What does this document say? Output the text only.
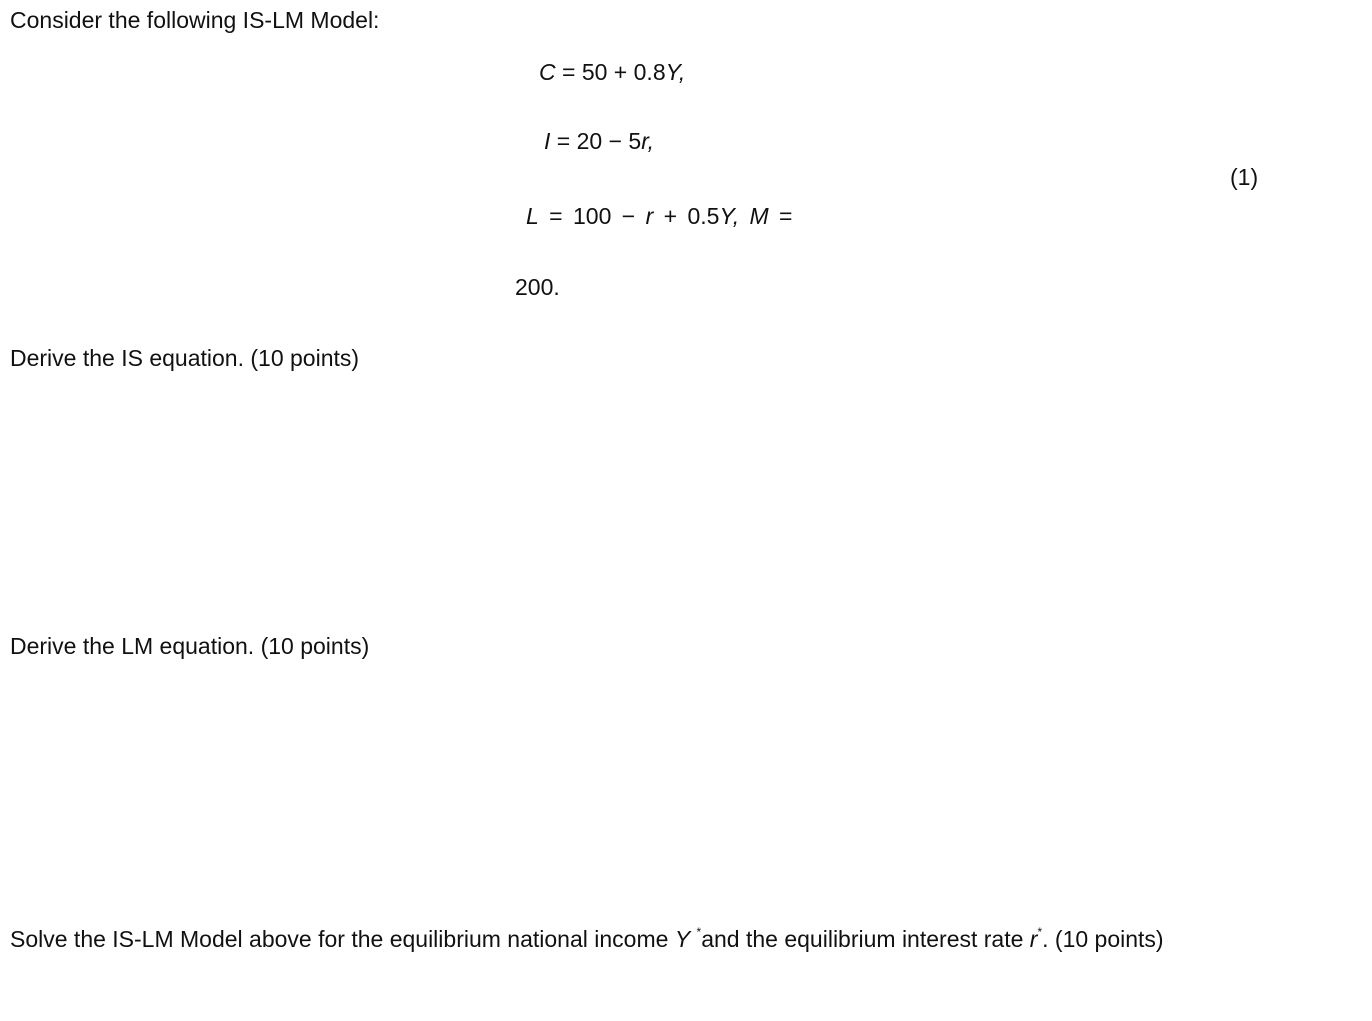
Consider the following IS-LM Model:
C = 50 + 0.8Y,
I = 20 − 5r,
(1)
L = 100 − r + 0.5Y, M =
200.
Derive the IS equation. (10 points)
Derive the LM equation. (10 points)
Solve the IS-LM Model above for the equilibrium national income Y *and the equilibrium interest rate r*. (10 points)
